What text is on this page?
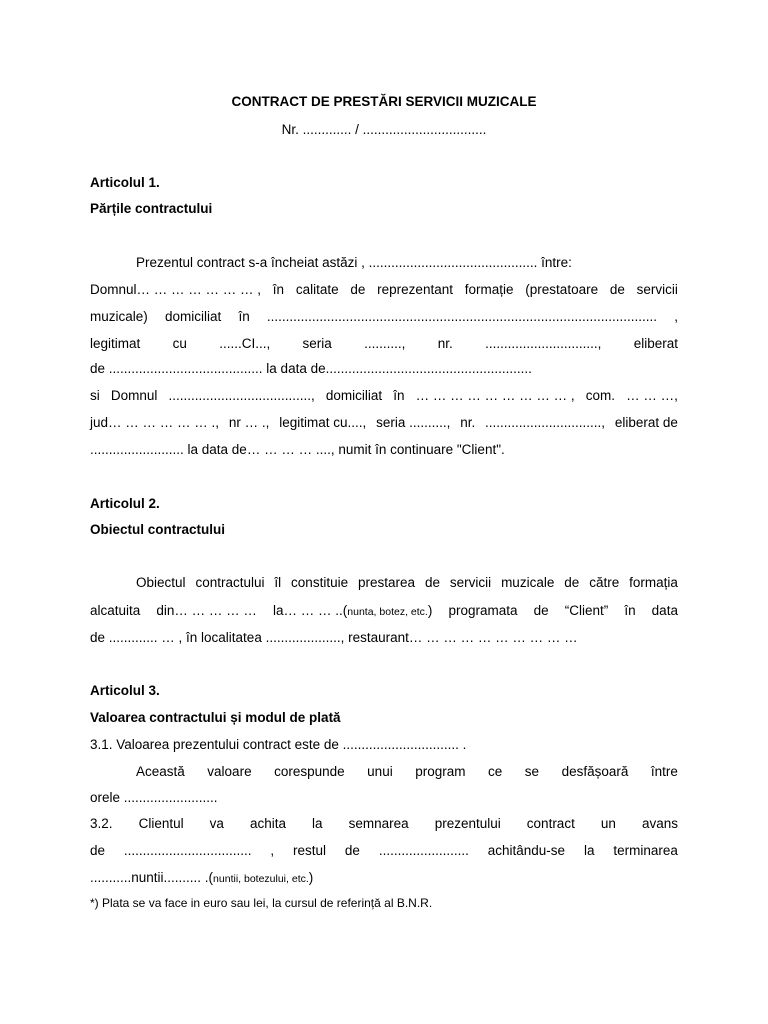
CONTRACT DE PRESTĂRI SERVICII MUZICALE
Nr. ............. / .................................
Articolul 1.
Părțile contractului
Prezentul contract s-a încheiat astăzi , ............................................. între:
Domnul… … … … … … … , în calitate de reprezentant formație (prestatoare de servicii
muzicale) domiciliat în ........................................................................................................ ,
legitimat cu ......CI..., seria .........., nr. .............................., eliberat
de ......................................... la data de.......................................................
si Domnul ......................................, domiciliat în … … … … … … … … … , com. … … …,
jud… … … … … … ., nr … ., legitimat cu...., seria .........., nr. ..............................., eliberat de
......................... la data de… … … … ...., numit în continuare "Client".
Articolul 2.
Obiectul contractului
Obiectul contractului îl constituie prestarea de servicii muzicale de către formația
alcatuita din… … … … … la… … … ..(nunta, botez, etc.) programata de “Client” în data
de ............. … , în localitatea ...................., restaurant… … … … … … … … … …
Articolul 3.
Valoarea contractului și modul de plată
3.1. Valoarea prezentului contract este de ............................... .
Această valoare corespunde unui program ce se desfășoară între
orele .........................
3.2. Clientul va achita la semnarea prezentului contract un avans
de .................................. , restul de ........................ achitându-se la terminarea
...........nuntii.......... .(nuntii, botezului, etc.)
*) Plata se va face in euro sau lei, la cursul de referință al B.N.R.
